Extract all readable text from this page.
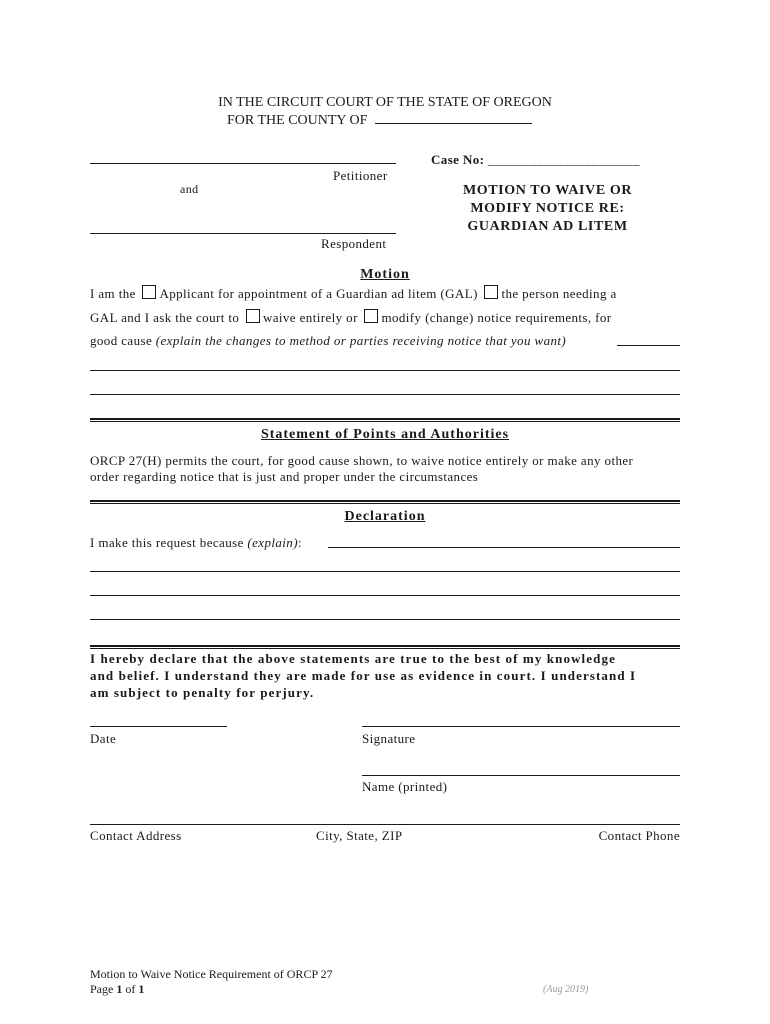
IN THE CIRCUIT COURT OF THE STATE OF OREGON
FOR THE COUNTY OF
Petitioner
and
Respondent
Case No: ______________________
MOTION TO WAIVE OR
MODIFY NOTICE RE:
GUARDIAN AD LITEM
Motion
I am the Applicant for appointment of a Guardian ad litem (GAL) the person needing a
GAL and I ask the court to waive entirely or modify (change) notice requirements, for
good cause (explain the changes to method or parties receiving notice that you want)
Statement of Points and Authorities
ORCP 27(H) permits the court, for good cause shown, to waive notice entirely or make any other
order regarding notice that is just and proper under the circumstances
Declaration
I make this request because (explain):
I hereby declare that the above statements are true to the best of my knowledge
and belief. I understand they are made for use as evidence in court. I understand I
am subject to penalty for perjury.
Date	Signature
Name (printed)
Contact Address	City, State, ZIP	Contact Phone
Motion to Waive Notice Requirement of ORCP 27
Page 1 of 1	(Aug 2019)
